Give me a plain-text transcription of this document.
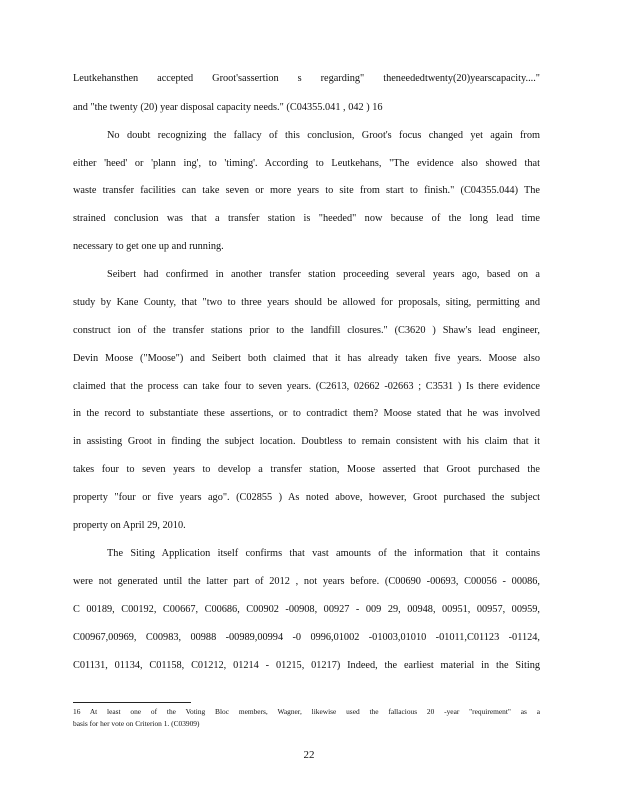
Leutkehansthen accepted Groot'sassertion s regarding" theneededtwenty(20)yearscapacity...."
and "the twenty (20) year disposal capacity needs." (C04355.041 , 042 ) 16
No doubt recognizing the fallacy of this conclusion, Groot's focus changed yet again from
either 'heed' or 'plann ing', to 'timing'. According to Leutkehans, "The evidence also showed that
waste transfer facilities can take seven or more years to site from start to finish." (C04355.044) The
strained conclusion was that a transfer station is "heeded" now because of the long lead time
necessary to get one up and running.
Seibert had confirmed in another transfer station proceeding several years ago, based on a
study by Kane County, that "two to three years should be allowed for proposals, siting, permitting and
construct ion of the transfer stations prior to the landfill closures." (C3620 ) Shaw's lead engineer,
Devin Moose ("Moose") and Seibert both claimed that it has already taken five years. Moose also
claimed that the process can take four to seven years. (C2613, 02662 -02663 ; C3531 ) Is there evidence
in the record to substantiate these assertions, or to contradict them? Moose stated that he was involved
in assisting Groot in finding the subject location. Doubtless to remain consistent with his claim that it
takes four to seven years to develop a transfer station, Moose asserted that Groot purchased the
property "four or five years ago". (C02855 ) As noted above, however, Groot purchased the subject
property on April 29, 2010.
The Siting Application itself confirms that vast amounts of the information that it contains
were not generated until the latter part of 2012 , not years before. (C00690 -00693, C00056 - 00086,
C 00189, C00192, C00667, C00686, C00902 -00908, 00927 - 009 29, 00948, 00951, 00957, 00959,
C00967,00969, C00983, 00988 -00989,00994 -0 0996,01002 -01003,01010 -01011,C01123 -01124,
C01131, 01134, C01158, C01212, 01214 - 01215, 01217) Indeed, the earliest material in the Siting
16 At least one of the Voting Bloc members, Wagner, likewise used the fallacious 20 -year "requirement" as a
basis for her vote on Criterion 1. (C03909)
22
